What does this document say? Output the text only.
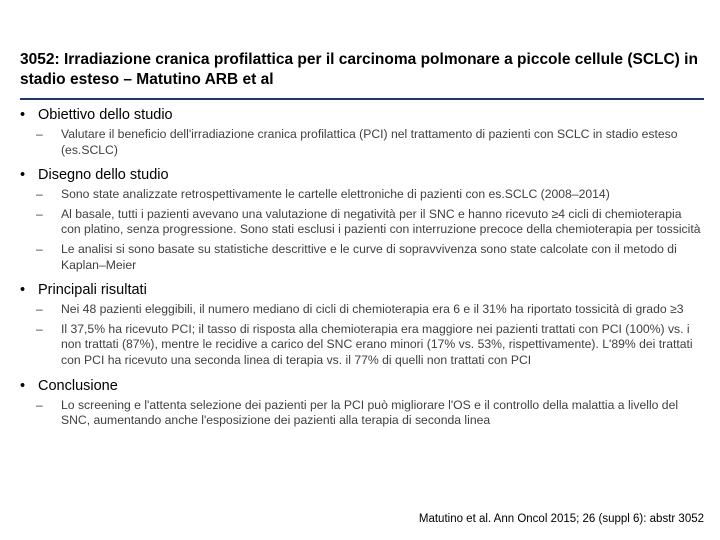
3052: Irradiazione cranica profilattica per il carcinoma polmonare a piccole cellule (SCLC) in stadio esteso – Matutino ARB et al
• Obiettivo dello studio
–	Valutare il beneficio dell'irradiazione cranica profilattica (PCI) nel trattamento di pazienti con SCLC in stadio esteso (es.SCLC)
• Disegno dello studio
–	Sono state analizzate retrospettivamente le cartelle elettroniche di pazienti con es.SCLC (2008–2014)
–	Al basale, tutti i pazienti avevano una valutazione di negatività per il SNC e hanno ricevuto ≥4 cicli di chemioterapia con platino, senza progressione. Sono stati esclusi i pazienti con interruzione precoce della chemioterapia per tossicità
–	Le analisi si sono basate su statistiche descrittive e le curve di sopravvivenza sono state calcolate con il metodo di Kaplan–Meier
• Principali risultati
–	Nei 48 pazienti eleggibili, il numero mediano di cicli di chemioterapia era 6 e il 31% ha riportato tossicità di grado ≥3
–	Il 37,5% ha ricevuto PCI; il tasso di risposta alla chemioterapia era maggiore nei pazienti trattati con PCI (100%) vs. i non trattati (87%), mentre le recidive a carico del SNC erano minori (17% vs. 53%, rispettivamente). L'89% dei trattati con PCI ha ricevuto una seconda linea di terapia vs. il 77% di quelli non trattati con PCI
• Conclusione
–	Lo screening e l'attenta selezione dei pazienti per la PCI può migliorare l'OS e il controllo della malattia a livello del SNC, aumentando anche l'esposizione dei pazienti alla terapia di seconda linea
Matutino et al. Ann Oncol 2015; 26 (suppl 6): abstr 3052
